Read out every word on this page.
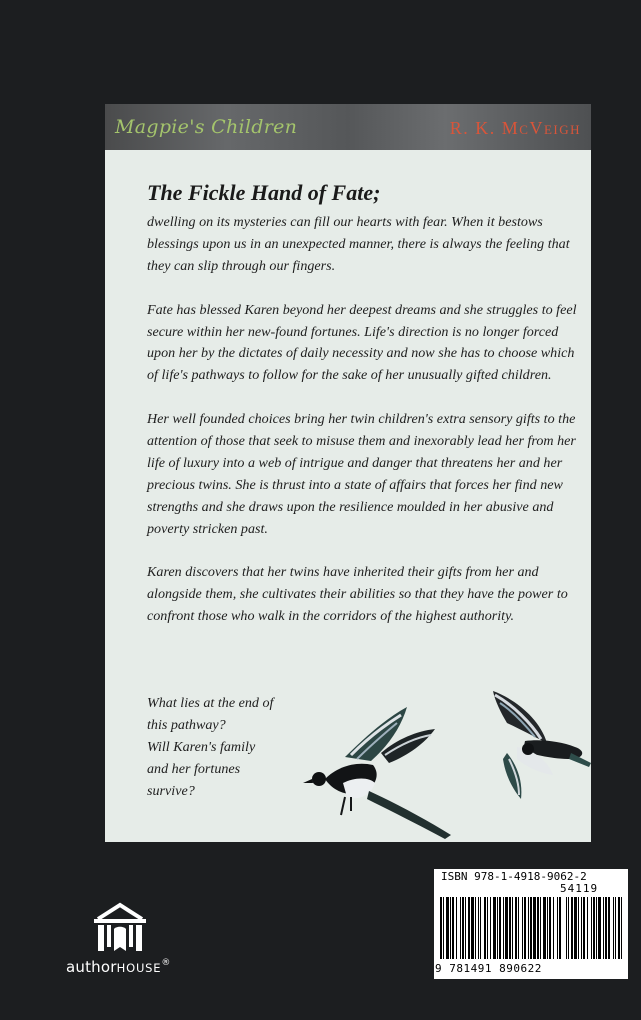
Magpie's Children	R. K. McVeigh
The Fickle Hand of Fate;

dwelling on its mysteries can fill our hearts with fear. When it bestows blessings upon us in an unexpected manner, there is always the feeling that they can slip through our fingers.

Fate has blessed Karen beyond her deepest dreams and she struggles to feel secure within her new-found fortunes. Life's direction is no longer forced upon her by the dictates of daily necessity and now she has to choose which of life's pathways to follow for the sake of her unusually gifted children.

Her well founded choices bring her twin children's extra sensory gifts to the attention of those that seek to misuse them and inexorably lead her from her life of luxury into a web of intrigue and danger that threatens her and her precious twins. She is thrust into a state of affairs that forces her find new strengths and she draws upon the resilience moulded in her abusive and poverty stricken past.

Karen discovers that her twins have inherited their gifts from her and alongside them, she cultivates their abilities so that they have the power to confront those who walk in the corridors of the highest authority.

What lies at the end of
this pathway?
Will Karen's family
and her fortunes
survive?
authorHOUSE®
ISBN 978-1-4918-9062-2
54119
9 781491 890622
